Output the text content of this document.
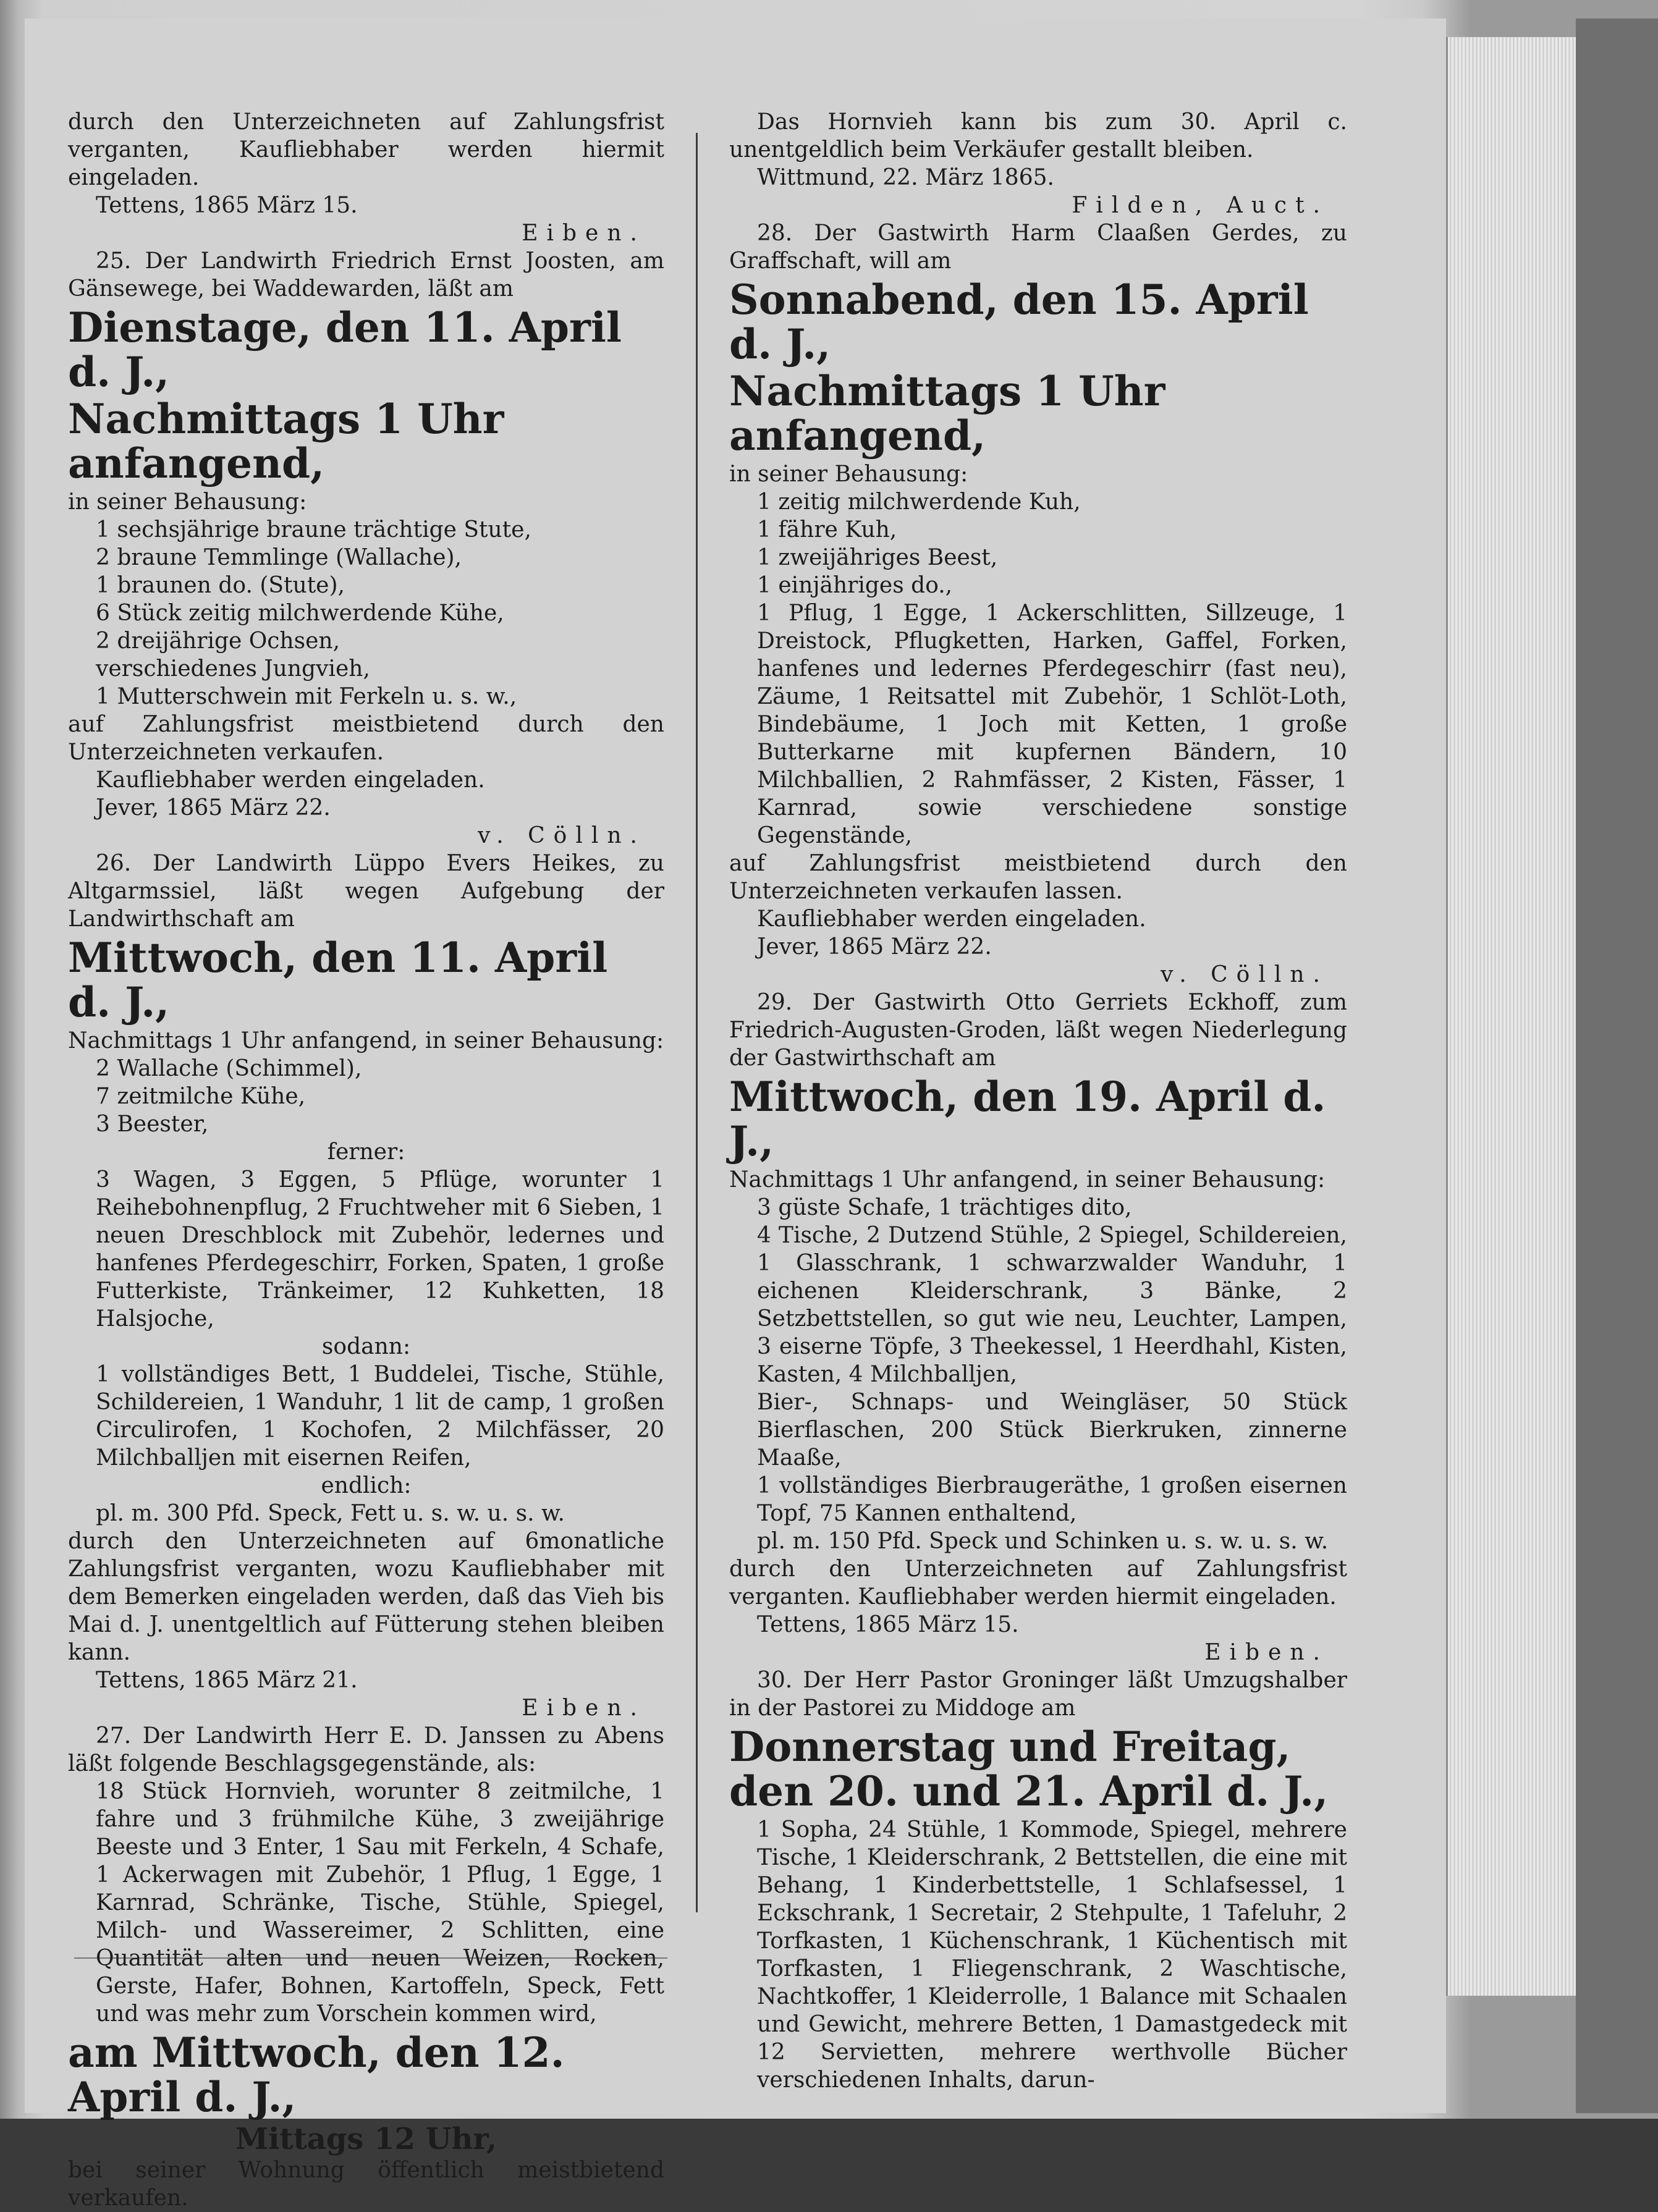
durch den Unterzeichneten auf Zahlungsfrist verganten, Kaufliebhaber werden hiermit eingeladen.

Tettens, 1865 März 15.

Eiben.

25. Der Landwirth Friedrich Ernst Joosten, am Gänsewege, bei Waddewarden, läßt am

Dienstage, den 11. April d. J.,

Nachmittags 1 Uhr anfangend,

in seiner Behausung:

1 sechsjährige braune trächtige Stute,

2 braune Temmlinge (Wallache),

1 braunen do. (Stute),

6 Stück zeitig milchwerdende Kühe,

2 dreijährige Ochsen,

verschiedenes Jungvieh,

1 Mutterschwein mit Ferkeln u. s. w.,

auf Zahlungsfrist meistbietend durch den Unterzeichneten verkaufen.

Kaufliebhaber werden eingeladen.

Jever, 1865 März 22.

v. Cölln.

26. Der Landwirth Lüppo Evers Heikes, zu Altgarmssiel, läßt wegen Aufgebung der Landwirthschaft am

Mittwoch, den 11. April d. J.,

Nachmittags 1 Uhr anfangend, in seiner Behausung:

2 Wallache (Schimmel),

7 zeitmilche Kühe,

3 Beester,

ferner:

3 Wagen, 3 Eggen, 5 Pflüge, worunter 1 Reihebohnenpflug, 2 Fruchtweher mit 6 Sieben, 1 neuen Dreschblock mit Zubehör, ledernes und hanfenes Pferdegeschirr, Forken, Spaten, 1 große Futterkiste, Tränkeimer, 12 Kuhketten, 18 Halsjoche,

sodann:

1 vollständiges Bett, 1 Buddelei, Tische, Stühle, Schildereien, 1 Wanduhr, 1 lit de camp, 1 großen Circulirofen, 1 Kochofen, 2 Milchfässer, 20 Milchballjen mit eisernen Reifen,

endlich:

pl. m. 300 Pfd. Speck, Fett u. s. w. u. s. w.

durch den Unterzeichneten auf 6monatliche Zahlungsfrist verganten, wozu Kaufliebhaber mit dem Bemerken eingeladen werden, daß das Vieh bis Mai d. J. unentgeltlich auf Fütterung stehen bleiben kann.

Tettens, 1865 März 21.

Eiben.

27. Der Landwirth Herr E. D. Janssen zu Abens läßt folgende Beschlagsgegenstände, als:

18 Stück Hornvieh, worunter 8 zeitmilche, 1 fahre und 3 frühmilche Kühe, 3 zweijährige Beeste und 3 Enter, 1 Sau mit Ferkeln, 4 Schafe, 1 Ackerwagen mit Zubehör, 1 Pflug, 1 Egge, 1 Karnrad, Schränke, Tische, Stühle, Spiegel, Milch- und Wassereimer, 2 Schlitten, eine Quantität alten und neuen Weizen, Rocken, Gerste, Hafer, Bohnen, Kartoffeln, Speck, Fett und was mehr zum Vorschein kommen wird,

am Mittwoch, den 12. April d. J.,

Mittags 12 Uhr,

bei seiner Wohnung öffentlich meistbietend verkaufen.

Das Hornvieh kann bis zum 30. April c. unentgeldlich beim Verkäufer gestallt bleiben.

Wittmund, 22. März 1865.

Filden, Auct.

28. Der Gastwirth Harm Claaßen Gerdes, zu Graffschaft, will am

Sonnabend, den 15. April d. J.,

Nachmittags 1 Uhr anfangend,

in seiner Behausung:

1 zeitig milchwerdende Kuh,

1 fähre Kuh,

1 zweijähriges Beest,

1 einjähriges do.,

1 Pflug, 1 Egge, 1 Ackerschlitten, Sillzeuge, 1 Dreistock, Pflugketten, Harken, Gaffel, Forken, hanfenes und ledernes Pferdegeschirr (fast neu), Zäume, 1 Reitsattel mit Zubehör, 1 Schlöt-Loth, Bindebäume, 1 Joch mit Ketten, 1 große Butterkarne mit kupfernen Bändern, 10 Milchballien, 2 Rahmfässer, 2 Kisten, Fässer, 1 Karnrad, sowie verschiedene sonstige Gegenstände,

auf Zahlungsfrist meistbietend durch den Unterzeichneten verkaufen lassen.

Kaufliebhaber werden eingeladen.

Jever, 1865 März 22.

v. Cölln.

29. Der Gastwirth Otto Gerriets Eckhoff, zum Friedrich-Augusten-Groden, läßt wegen Niederlegung der Gastwirthschaft am

Mittwoch, den 19. April d. J.,

Nachmittags 1 Uhr anfangend, in seiner Behausung:

3 güste Schafe, 1 trächtiges dito,

4 Tische, 2 Dutzend Stühle, 2 Spiegel, Schildereien, 1 Glasschrank, 1 schwarzwalder Wanduhr, 1 eichenen Kleiderschrank, 3 Bänke, 2 Setzbettstellen, so gut wie neu, Leuchter, Lampen, 3 eiserne Töpfe, 3 Theekessel, 1 Heerdhahl, Kisten, Kasten, 4 Milchballjen,

Bier-, Schnaps- und Weingläser, 50 Stück Bierflaschen, 200 Stück Bierkruken, zinnerne Maaße,

1 vollständiges Bierbraugeräthe, 1 großen eisernen Topf, 75 Kannen enthaltend,

pl. m. 150 Pfd. Speck und Schinken u. s. w. u. s. w.

durch den Unterzeichneten auf Zahlungsfrist verganten. Kaufliebhaber werden hiermit eingeladen.

Tettens, 1865 März 15.

Eiben.

30. Der Herr Pastor Groninger läßt Umzugshalber in der Pastorei zu Middoge am

Donnerstag und Freitag, den 20. und 21. April d. J.,

1 Sopha, 24 Stühle, 1 Kommode, Spiegel, mehrere Tische, 1 Kleiderschrank, 2 Bettstellen, die eine mit Behang, 1 Kinderbettstelle, 1 Schlafsessel, 1 Eckschrank, 1 Secretair, 2 Stehpulte, 1 Tafeluhr, 2 Torfkasten, 1 Küchenschrank, 1 Küchentisch mit Torfkasten, 1 Fliegenschrank, 2 Waschtische, Nachtkoffer, 1 Kleiderrolle, 1 Balance mit Schaalen und Gewicht, mehrere Betten, 1 Damastgedeck mit 12 Servietten, mehrere werthvolle Bücher verschiedenen Inhalts, darun-
